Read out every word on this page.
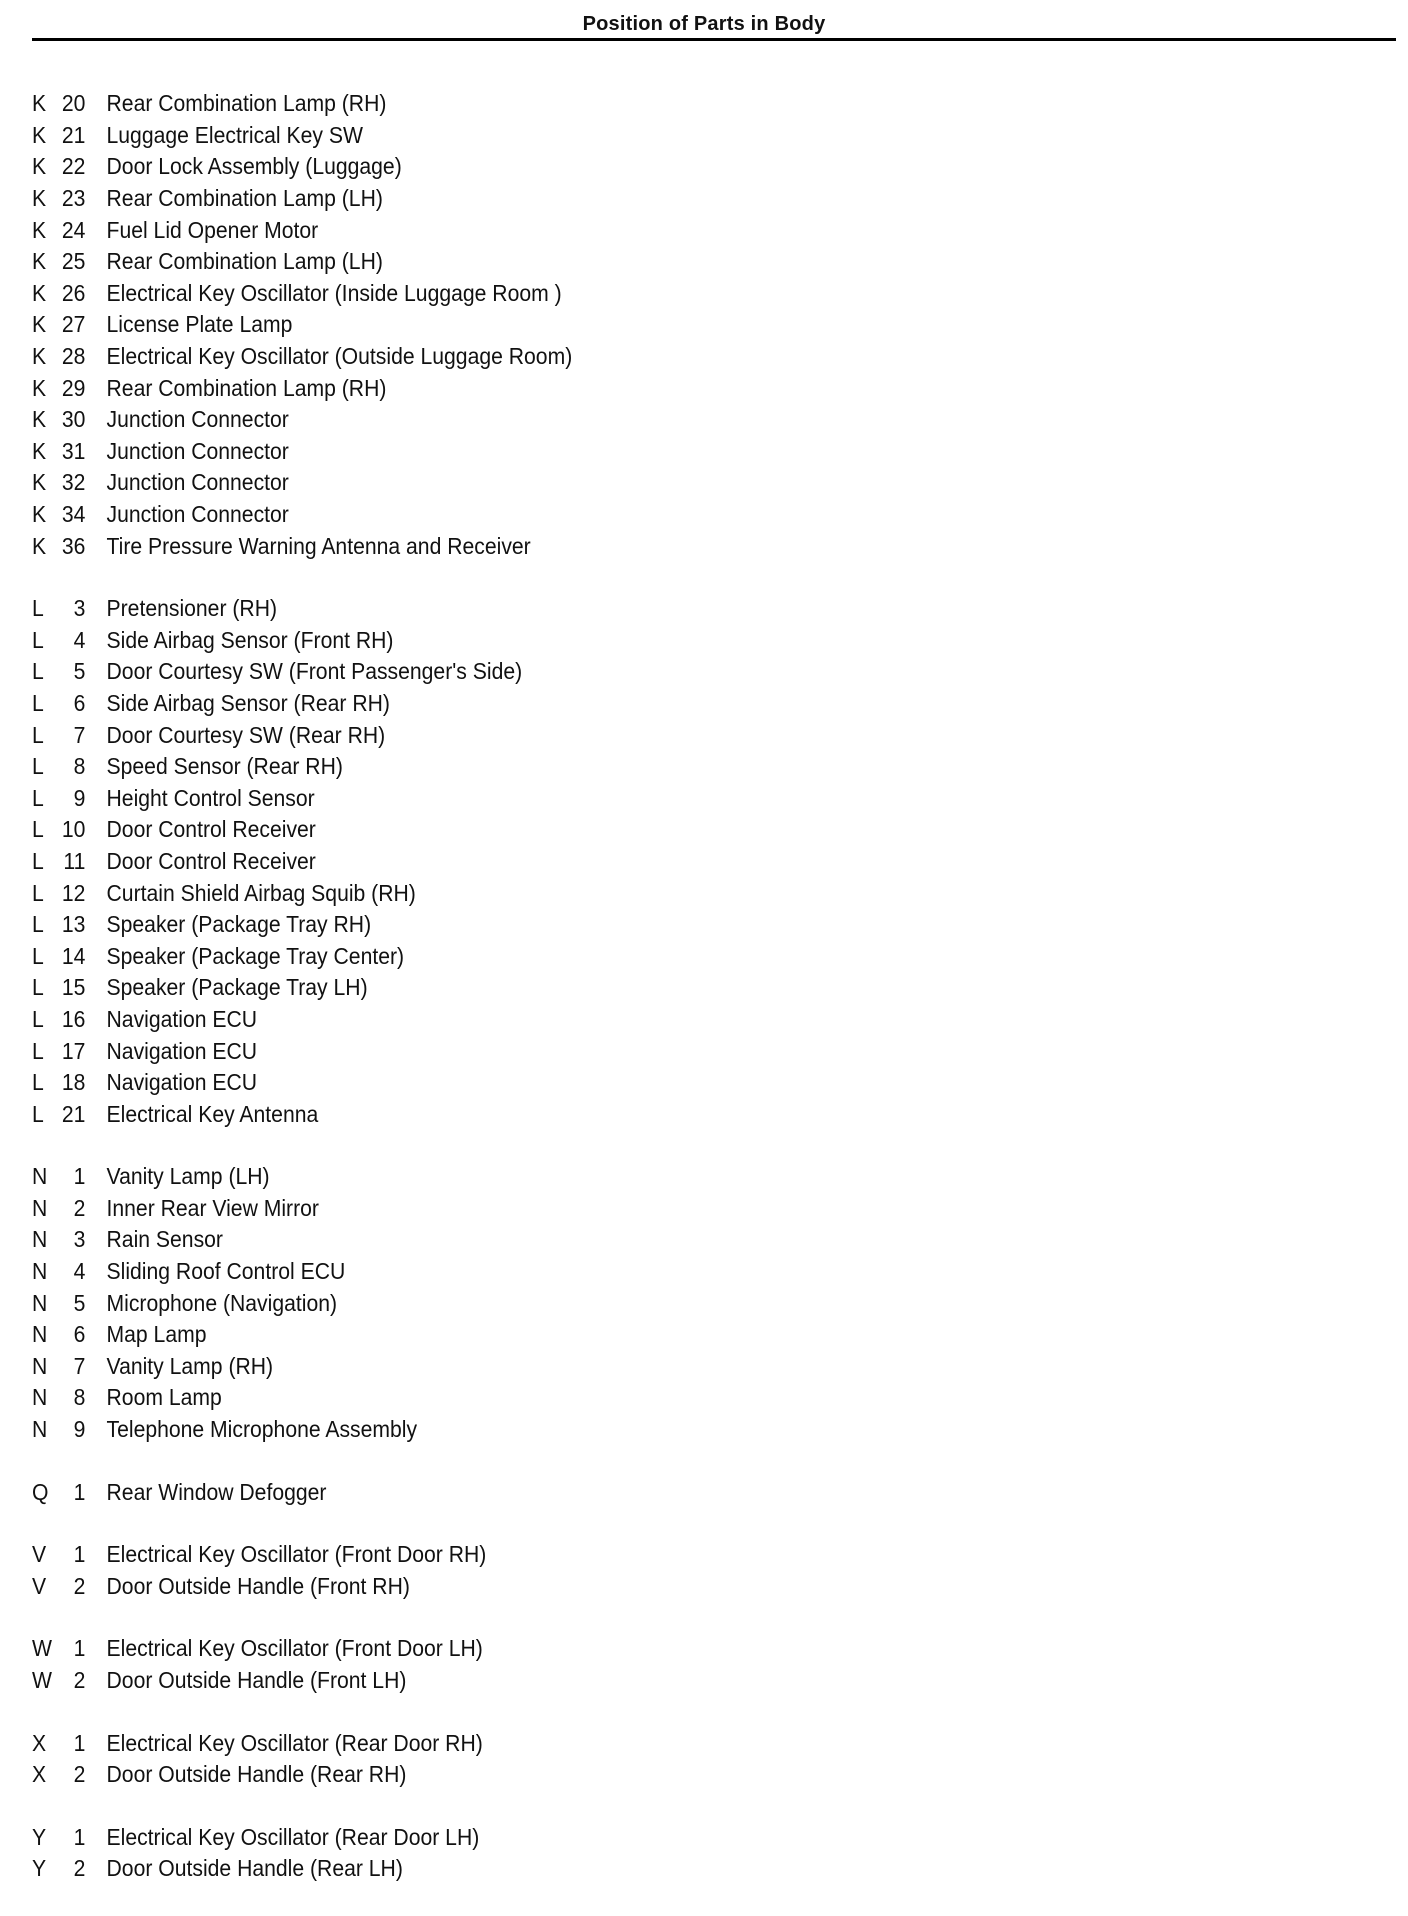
Position of Parts in Body
K 20 Rear Combination Lamp (RH)
K 21 Luggage Electrical Key SW
K 22 Door Lock Assembly (Luggage)
K 23 Rear Combination Lamp (LH)
K 24 Fuel Lid Opener Motor
K 25 Rear Combination Lamp (LH)
K 26 Electrical Key Oscillator (Inside Luggage Room )
K 27 License Plate Lamp
K 28 Electrical Key Oscillator (Outside Luggage Room)
K 29 Rear Combination Lamp (RH)
K 30 Junction Connector
K 31 Junction Connector
K 32 Junction Connector
K 34 Junction Connector
K 36 Tire Pressure Warning Antenna and Receiver
L	3 Pretensioner (RH)
L	4 Side Airbag Sensor (Front RH)
L	5 Door Courtesy SW (Front Passenger's Side)
L	6 Side Airbag Sensor (Rear RH)
L	7 Door Courtesy SW (Rear RH)
L	8 Speed Sensor (Rear RH)
L	9 Height Control Sensor
L 10 Door Control Receiver
L 11 Door Control Receiver
L 12 Curtain Shield Airbag Squib (RH)
L 13 Speaker (Package Tray RH)
L 14 Speaker (Package Tray Center)
L 15 Speaker (Package Tray LH)
L 16 Navigation ECU
L 17 Navigation ECU
L 18 Navigation ECU
L 21 Electrical Key Antenna
N	1 Vanity Lamp (LH)
N	2 Inner Rear View Mirror
N	3 Rain Sensor
N	4 Sliding Roof Control ECU
N	5 Microphone (Navigation)
N	6 Map Lamp
N	7 Vanity Lamp (RH)
N	8 Room Lamp
N	9 Telephone Microphone Assembly
Q	1 Rear Window Defogger
V	1 Electrical Key Oscillator (Front Door RH)
V	2 Door Outside Handle (Front RH)
W 1 Electrical Key Oscillator (Front Door LH)
W 2 Door Outside Handle (Front LH)
X	1 Electrical Key Oscillator (Rear Door RH)
X	2 Door Outside Handle (Rear RH)
Y	1 Electrical Key Oscillator (Rear Door LH)
Y	2 Door Outside Handle (Rear LH)
